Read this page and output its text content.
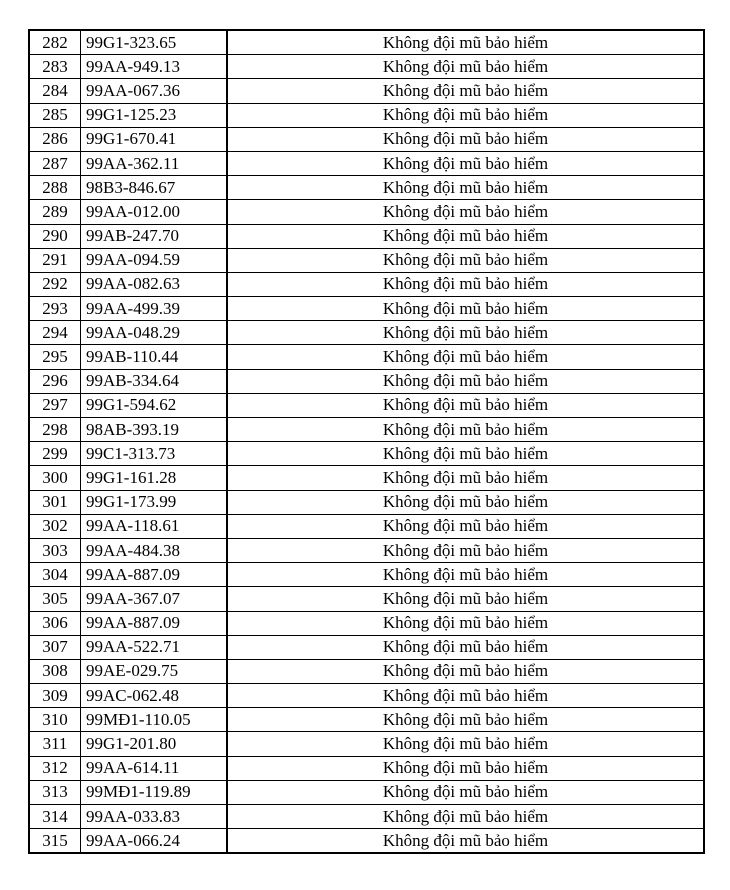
282	99G1-323.65	Không đội mũ bảo hiểm
283	99AA-949.13	Không đội mũ bảo hiểm
284	99AA-067.36	Không đội mũ bảo hiểm
285	99G1-125.23	Không đội mũ bảo hiểm
286	99G1-670.41	Không đội mũ bảo hiểm
287	99AA-362.11	Không đội mũ bảo hiểm
288	98B3-846.67	Không đội mũ bảo hiểm
289	99AA-012.00	Không đội mũ bảo hiểm
290	99AB-247.70	Không đội mũ bảo hiểm
291	99AA-094.59	Không đội mũ bảo hiểm
292	99AA-082.63	Không đội mũ bảo hiểm
293	99AA-499.39	Không đội mũ bảo hiểm
294	99AA-048.29	Không đội mũ bảo hiểm
295	99AB-110.44	Không đội mũ bảo hiểm
296	99AB-334.64	Không đội mũ bảo hiểm
297	99G1-594.62	Không đội mũ bảo hiểm
298	98AB-393.19	Không đội mũ bảo hiểm
299	99C1-313.73	Không đội mũ bảo hiểm
300	99G1-161.28	Không đội mũ bảo hiểm
301	99G1-173.99	Không đội mũ bảo hiểm
302	99AA-118.61	Không đội mũ bảo hiểm
303	99AA-484.38	Không đội mũ bảo hiểm
304	99AA-887.09	Không đội mũ bảo hiểm
305	99AA-367.07	Không đội mũ bảo hiểm
306	99AA-887.09	Không đội mũ bảo hiểm
307	99AA-522.71	Không đội mũ bảo hiểm
308	99AE-029.75	Không đội mũ bảo hiểm
309	99AC-062.48	Không đội mũ bảo hiểm
310	99MĐ1-110.05	Không đội mũ bảo hiểm
311	99G1-201.80	Không đội mũ bảo hiểm
312	99AA-614.11	Không đội mũ bảo hiểm
313	99MĐ1-119.89	Không đội mũ bảo hiểm
314	99AA-033.83	Không đội mũ bảo hiểm
315	99AA-066.24	Không đội mũ bảo hiểm
